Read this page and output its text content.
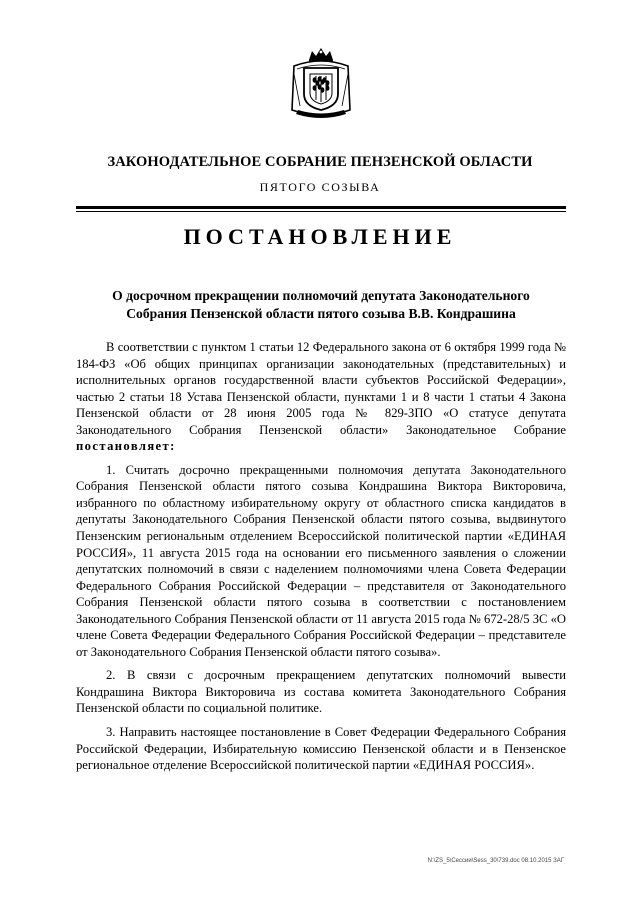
ЗАКОНОДАТЕЛЬНОЕ СОБРАНИЕ ПЕНЗЕНСКОЙ ОБЛАСТИ
ПЯТОГО СОЗЫВА
ПОСТАНОВЛЕНИЕ
О досрочном прекращении полномочий депутата Законодательного
Собрания Пензенской области пятого созыва В.В. Кондрашина

В соответствии с пунктом 1 статьи 12 Федерального закона от 6 октября 1999 года № 184-ФЗ «Об общих принципах организации законодательных (представительных) и исполнительных органов государственной власти субъектов Российской Федерации», частью 2 статьи 18 Устава Пензенской области, пунктами 1 и 8 части 1 статьи 4 Закона Пензенской области от 28 июня 2005 года № 829-ЗПО «О статусе депутата Законодательного Собрания Пензенской области» Законодательное Собрание постановляет:

1. Считать досрочно прекращенными полномочия депутата Законодательного Собрания Пензенской области пятого созыва Кондрашина Виктора Викторовича, избранного по областному избирательному округу от областного списка кандидатов в депутаты Законодательного Собрания Пензенской области пятого созыва, выдвинутого Пензенским региональным отделением Всероссийской политической партии «ЕДИНАЯ РОССИЯ», 11 августа 2015 года на основании его письменного заявления о сложении депутатских полномочий в связи с наделением полномочиями члена Совета Федерации Федерального Собрания Российской Федерации – представителя от Законодательного Собрания Пензенской области пятого созыва в соответствии с постановлением Законодательного Собрания Пензенской области от 11 августа 2015 года № 672-28/5 ЗС «О члене Совета Федерации Федерального Собрания Российской Федерации – представителе от Законодательного Собрания Пензенской области пятого созыва».

2. В связи с досрочным прекращением депутатских полномочий вывести Кондрашина Виктора Викторовича из состава комитета Законодательного Собрания Пензенской области по социальной политике.

3. Направить настоящее постановление в Совет Федерации Федерального Собрания Российской Федерации, Избирательную комиссию Пензенской области и в Пензенское региональное отделение Всероссийской политической партии «ЕДИНАЯ РОССИЯ».

N:\ZS_5\Сессии\Sess_30\739.doc 08.10.2015 ЗАГ
